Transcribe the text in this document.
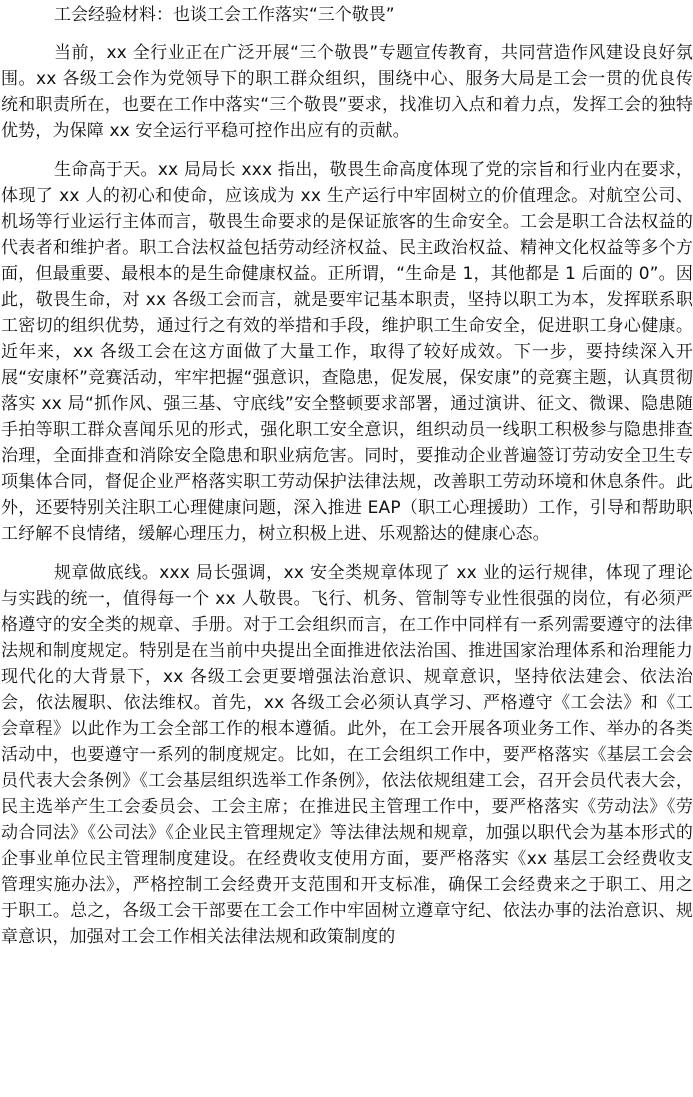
工会经验材料：也谈工会工作落实“三个敬畏”

当前，xx 全行业正在广泛开展“三个敬畏”专题宣传教育，共同营造作风建设良好氛围。xx 各级工会作为党领导下的职工群众组织，围绕中心、服务大局是工会一贯的优良传统和职责所在，也要在工作中落实“三个敬畏”要求，找准切入点和着力点，发挥工会的独特优势，为保障 xx 安全运行平稳可控作出应有的贡献。

生命高于天。xx 局局长 xxx 指出，敬畏生命高度体现了党的宗旨和行业内在要求，体现了 xx 人的初心和使命，应该成为 xx 生产运行中牢固树立的价值理念。对航空公司、机场等行业运行主体而言，敬畏生命要求的是保证旅客的生命安全。工会是职工合法权益的代表者和维护者。职工合法权益包括劳动经济权益、民主政治权益、精神文化权益等多个方面，但最重要、最根本的是生命健康权益。正所谓，“生命是 1，其他都是 1 后面的 0”。因此，敬畏生命，对 xx 各级工会而言，就是要牢记基本职责，坚持以职工为本，发挥联系职工密切的组织优势，通过行之有效的举措和手段，维护职工生命安全，促进职工身心健康。近年来，xx 各级工会在这方面做了大量工作，取得了较好成效。下一步，要持续深入开展“安康杯”竞赛活动，牢牢把握“强意识，查隐患，促发展，保安康”的竞赛主题，认真贯彻落实 xx 局“抓作风、强三基、守底线”安全整顿要求部署，通过演讲、征文、微课、隐患随手拍等职工群众喜闻乐见的形式，强化职工安全意识，组织动员一线职工积极参与隐患排查治理，全面排查和消除安全隐患和职业病危害。同时，要推动企业普遍签订劳动安全卫生专项集体合同，督促企业严格落实职工劳动保护法律法规，改善职工劳动环境和休息条件。此外，还要特别关注职工心理健康问题，深入推进 EAP（职工心理援助）工作，引导和帮助职工纾解不良情绪，缓解心理压力，树立积极上进、乐观豁达的健康心态。

规章做底线。xxx 局长强调，xx 安全类规章体现了 xx 业的运行规律，体现了理论与实践的统一，值得每一个 xx 人敬畏。飞行、机务、管制等专业性很强的岗位，有必须严格遵守的安全类的规章、手册。对于工会组织而言，在工作中同样有一系列需要遵守的法律法规和制度规定。特别是在当前中央提出全面推进依法治国、推进国家治理体系和治理能力现代化的大背景下，xx 各级工会更要增强法治意识、规章意识，坚持依法建会、依法治会，依法履职、依法维权。首先，xx 各级工会必须认真学习、严格遵守《工会法》和《工会章程》以此作为工会全部工作的根本遵循。此外，在工会开展各项业务工作、举办的各类活动中，也要遵守一系列的制度规定。比如，在工会组织工作中，要严格落实《基层工会会员代表大会条例》《工会基层组织选举工作条例》，依法依规组建工会，召开会员代表大会，民主选举产生工会委员会、工会主席；在推进民主管理工作中，要严格落实《劳动法》《劳动合同法》《公司法》《企业民主管理规定》等法律法规和规章，加强以职代会为基本形式的企事业单位民主管理制度建设。在经费收支使用方面，要严格落实《xx 基层工会经费收支管理实施办法》，严格控制工会经费开支范围和开支标准，确保工会经费来之于职工、用之于职工。总之，各级工会干部要在工会工作中牢固树立遵章守纪、依法办事的法治意识、规章意识，加强对工会工作相关法律法规和政策制度的
